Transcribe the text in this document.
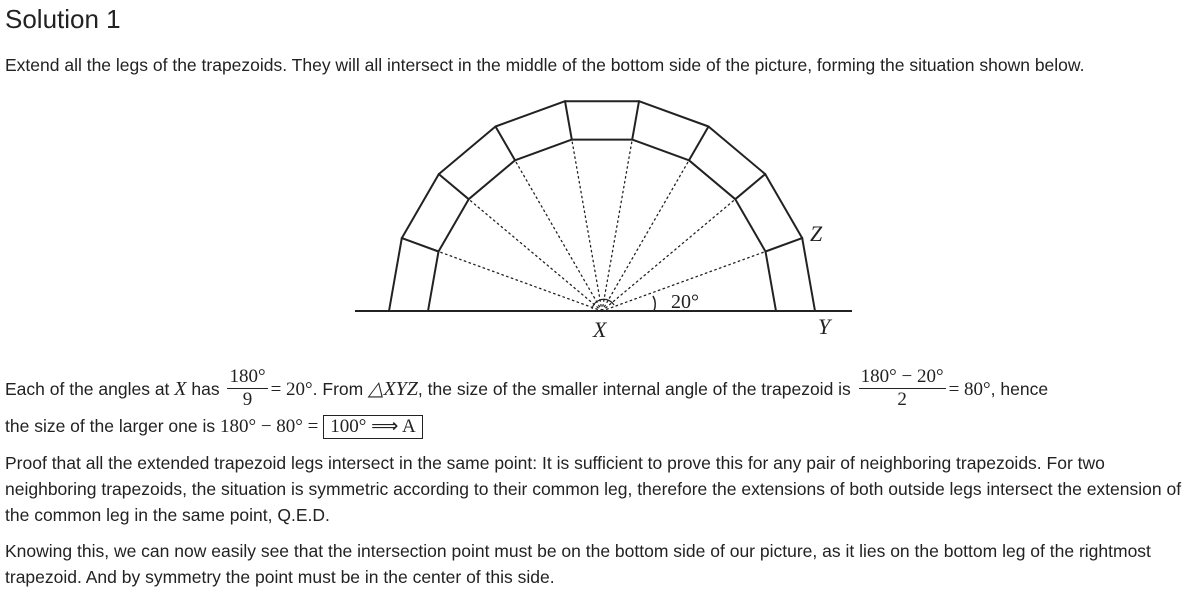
Solution 1

Extend all the legs of the trapezoids. They will all intersect in the middle of the bottom side of the picture, forming the situation shown below.

X	Y
Z
20°

Each of the angles at X has $\frac{180^\circ}{9} = 20^\circ$. From △XYZ, the size of the smaller internal angle of the trapezoid is $\frac{180^\circ - 20^\circ}{2} = 80^\circ$, hence

the size of the larger one is 180° − 80° = 100° ⟹ A

Proof that all the extended trapezoid legs intersect in the same point: It is sufficient to prove this for any pair of neighboring trapezoids. For two neighboring trapezoids, the situation is symmetric according to their common leg, therefore the extensions of both outside legs intersect the extension of the common leg in the same point, Q.E.D.

Knowing this, we can now easily see that the intersection point must be on the bottom side of our picture, as it lies on the bottom leg of the rightmost trapezoid. And by symmetry the point must be in the center of this side.
